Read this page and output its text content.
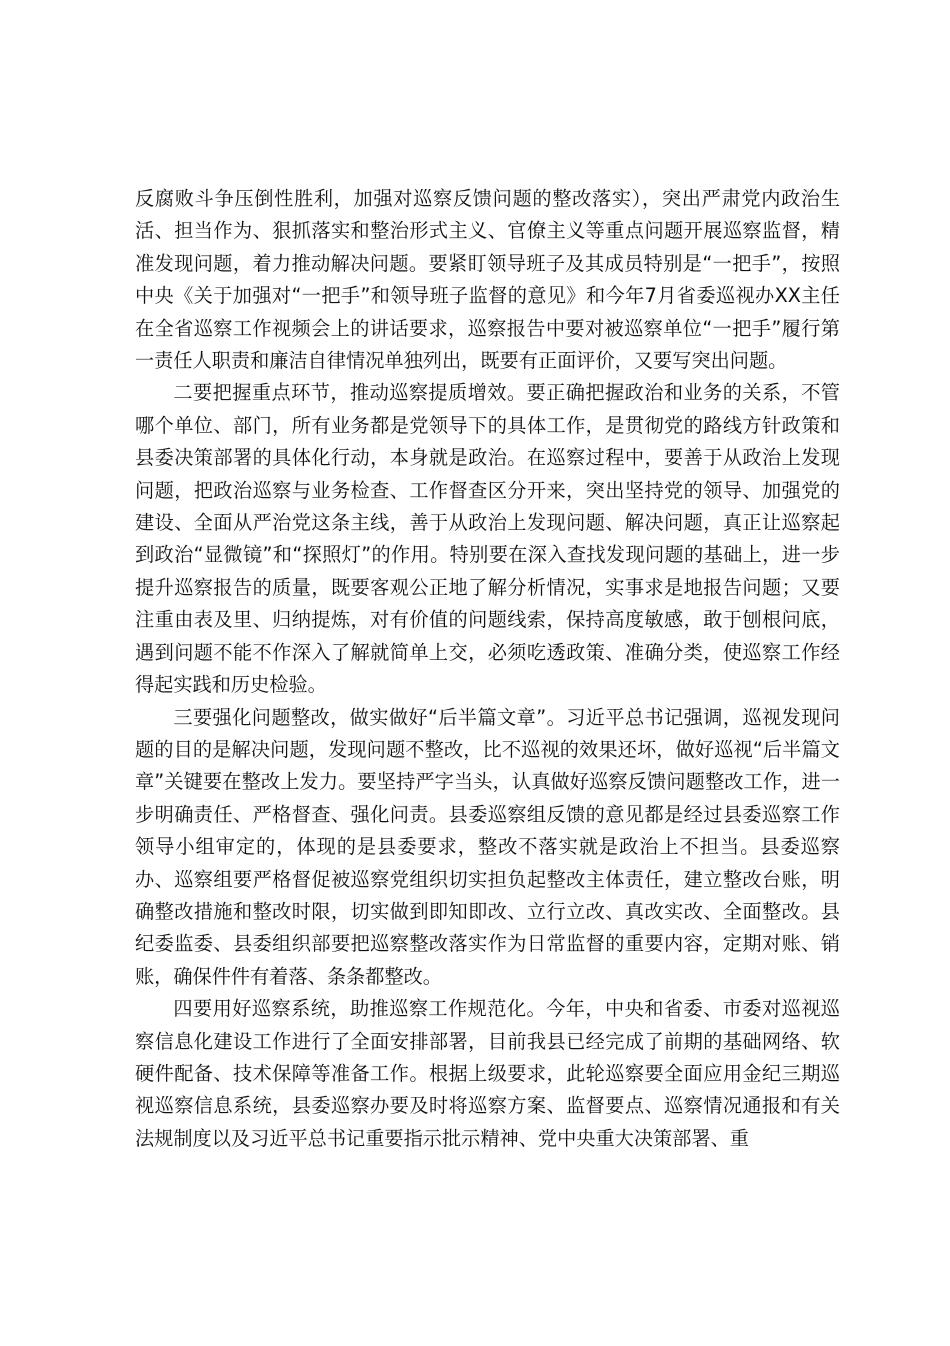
反腐败斗争压倒性胜利，加强对巡察反馈问题的整改落实），突出严肃党内政治生活、担当作为、狠抓落实和整治形式主义、官僚主义等重点问题开展巡察监督，精准发现问题，着力推动解决问题。要紧盯领导班子及其成员特别是“一把手”，按照中央《关于加强对“一把手”和领导班子监督的意见》和今年7月省委巡视办XX主任在全省巡察工作视频会上的讲话要求，巡察报告中要对被巡察单位“一把手”履行第一责任人职责和廉洁自律情况单独列出，既要有正面评价，又要写突出问题。

二要把握重点环节，推动巡察提质增效。要正确把握政治和业务的关系，不管哪个单位、部门，所有业务都是党领导下的具体工作，是贯彻党的路线方针政策和县委决策部署的具体化行动，本身就是政治。在巡察过程中，要善于从政治上发现问题，把政治巡察与业务检查、工作督查区分开来，突出坚持党的领导、加强党的建设、全面从严治党这条主线，善于从政治上发现问题、解决问题，真正让巡察起到政治“显微镜”和“探照灯”的作用。特别要在深入查找发现问题的基础上，进一步提升巡察报告的质量，既要客观公正地了解分析情况，实事求是地报告问题；又要注重由表及里、归纳提炼，对有价值的问题线索，保持高度敏感，敢于刨根问底，遇到问题不能不作深入了解就简单上交，必须吃透政策、准确分类，使巡察工作经得起实践和历史检验。

三要强化问题整改，做实做好“后半篇文章”。习近平总书记强调，巡视发现问题的目的是解决问题，发现问题不整改，比不巡视的效果还坏，做好巡视“后半篇文章”关键要在整改上发力。要坚持严字当头，认真做好巡察反馈问题整改工作，进一步明确责任、严格督查、强化问责。县委巡察组反馈的意见都是经过县委巡察工作领导小组审定的，体现的是县委要求，整改不落实就是政治上不担当。县委巡察办、巡察组要严格督促被巡察党组织切实担负起整改主体责任，建立整改台账，明确整改措施和整改时限，切实做到即知即改、立行立改、真改实改、全面整改。县纪委监委、县委组织部要把巡察整改落实作为日常监督的重要内容，定期对账、销账，确保件件有着落、条条都整改。

四要用好巡察系统，助推巡察工作规范化。今年，中央和省委、市委对巡视巡察信息化建设工作进行了全面安排部署，目前我县已经完成了前期的基础网络、软硬件配备、技术保障等准备工作。根据上级要求，此轮巡察要全面应用金纪三期巡视巡察信息系统，县委巡察办要及时将巡察方案、监督要点、巡察情况通报和有关法规制度以及习近平总书记重要指示批示精神、党中央重大决策部署、重
